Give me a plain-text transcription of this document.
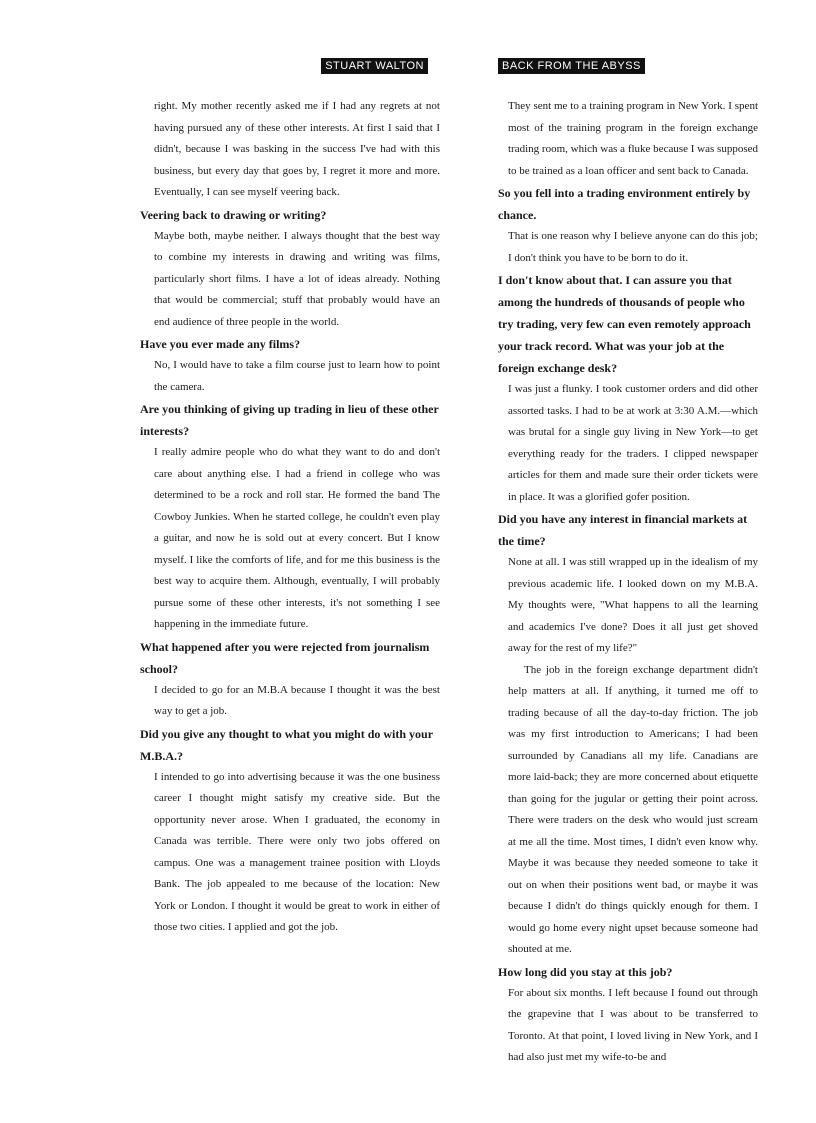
STUART WALTON

right. My mother recently asked me if I had any regrets at not having pursued any of these other interests. At first I said that I didn't, because I was basking in the success I've had with this business, but every day that goes by, I regret it more and more. Eventually, I can see myself veering back.

Veering back to drawing or writing?

Maybe both, maybe neither. I always thought that the best way to combine my interests in drawing and writing was films, particularly short films. I have a lot of ideas already. Nothing that would be commercial; stuff that probably would have an end audience of three people in the world.

Have you ever made any films?

No, I would have to take a film course just to learn how to point the camera.

Are you thinking of giving up trading in lieu of these other interests?

I really admire people who do what they want to do and don't care about anything else. I had a friend in college who was determined to be a rock and roll star. He formed the band The Cowboy Junkies. When he started college, he couldn't even play a guitar, and now he is sold out at every concert. But I know myself. I like the comforts of life, and for me this business is the best way to acquire them. Although, eventually, I will probably pursue some of these other interests, it's not something I see happening in the immediate future.

What happened after you were rejected from journalism school?

I decided to go for an M.B.A because I thought it was the best way to get a job.

Did you give any thought to what you might do with your M.B.A.?

I intended to go into advertising because it was the one business career I thought might satisfy my creative side. But the opportunity never arose. When I graduated, the economy in Canada was terrible. There were only two jobs offered on campus. One was a management trainee position with Lloyds Bank. The job appealed to me because of the location: New York or London. I thought it would be great to work in either of those two cities. I applied and got the job.

BACK FROM THE ABYSS

They sent me to a training program in New York. I spent most of the training program in the foreign exchange trading room, which was a fluke because I was supposed to be trained as a loan officer and sent back to Canada.

So you fell into a trading environment entirely by chance.

That is one reason why I believe anyone can do this job; I don't think you have to be born to do it.

I don't know about that. I can assure you that among the hundreds of thousands of people who try trading, very few can even remotely approach your track record. What was your job at the foreign exchange desk?

I was just a flunky. I took customer orders and did other assorted tasks. I had to be at work at 3:30 A.M.—which was brutal for a single guy living in New York—to get everything ready for the traders. I clipped newspaper articles for them and made sure their order tickets were in place. It was a glorified gofer position.

Did you have any interest in financial markets at the time?

None at all. I was still wrapped up in the idealism of my previous academic life. I looked down on my M.B.A. My thoughts were, "What happens to all the learning and academics I've done? Does it all just get shoved away for the rest of my life?"

The job in the foreign exchange department didn't help matters at all. If anything, it turned me off to trading because of all the day-to-day friction. The job was my first introduction to Americans; I had been surrounded by Canadians all my life. Canadians are more laid-back; they are more concerned about etiquette than going for the jugular or getting their point across. There were traders on the desk who would just scream at me all the time. Most times, I didn't even know why. Maybe it was because they needed someone to take it out on when their positions went bad, or maybe it was because I didn't do things quickly enough for them. I would go home every night upset because someone had shouted at me.

How long did you stay at this job?

For about six months. I left because I found out through the grapevine that I was about to be transferred to Toronto. At that point, I loved living in New York, and I had also just met my wife-to-be and
